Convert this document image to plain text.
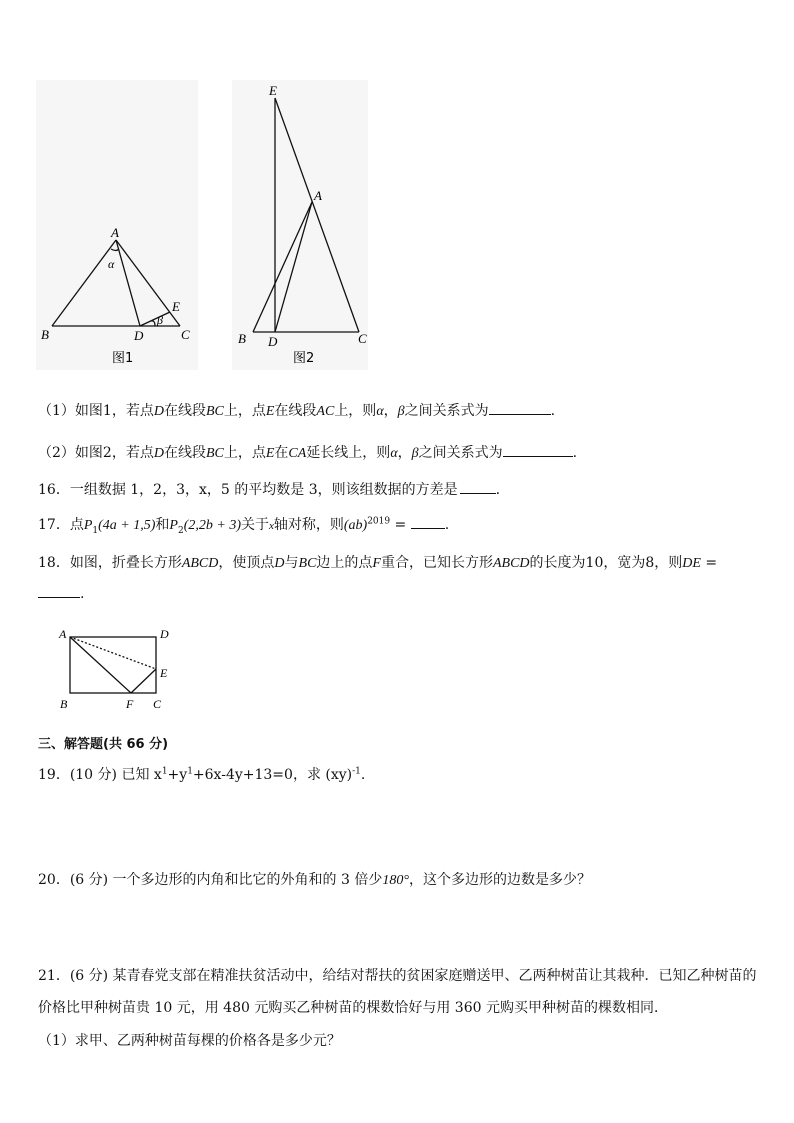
A
B	C
D
E
α
β
图1
E
A
B D	C
图2
（1）如图1，若点D在线段BC上，点E在线段AC上，则α，β之间关系式为	.
（2）如图2，若点D在线段BC上，点E在CA延长线上，则α，β之间关系式为	.
16．一组数据 1，2，3，x，5 的平均数是 3，则该组数据的方差是	.
17．点$P_1(4a + 1,5)$和$P_2(2,2b + 3)$关于x轴对称，则(ab)$^{2019}$ = .
18．如图，折叠长方形ABCD，使顶点D与BC边上的点F重合，已知长方形ABCD的长度为10，宽为8，则DE =
.
A	D
E
B	F C
三、解答题(共 66 分)
19．(10 分) 已知 $x^1+y^1+6x-4y+13=0$，求 (xy)$^{-1}$.
20．(6 分) 一个多边形的内角和比它的外角和的 3 倍少180°，这个多边形的边数是多少？
21．(6 分) 某青春党支部在精准扶贫活动中，给结对帮扶的贫困家庭赠送甲、乙两种树苗让其栽种．已知乙种树苗的
价格比甲种树苗贵 10 元，用 480 元购买乙种树苗的棵数恰好与用 360 元购买甲种树苗的棵数相同．
（1）求甲、乙两种树苗每棵的价格各是多少元？
